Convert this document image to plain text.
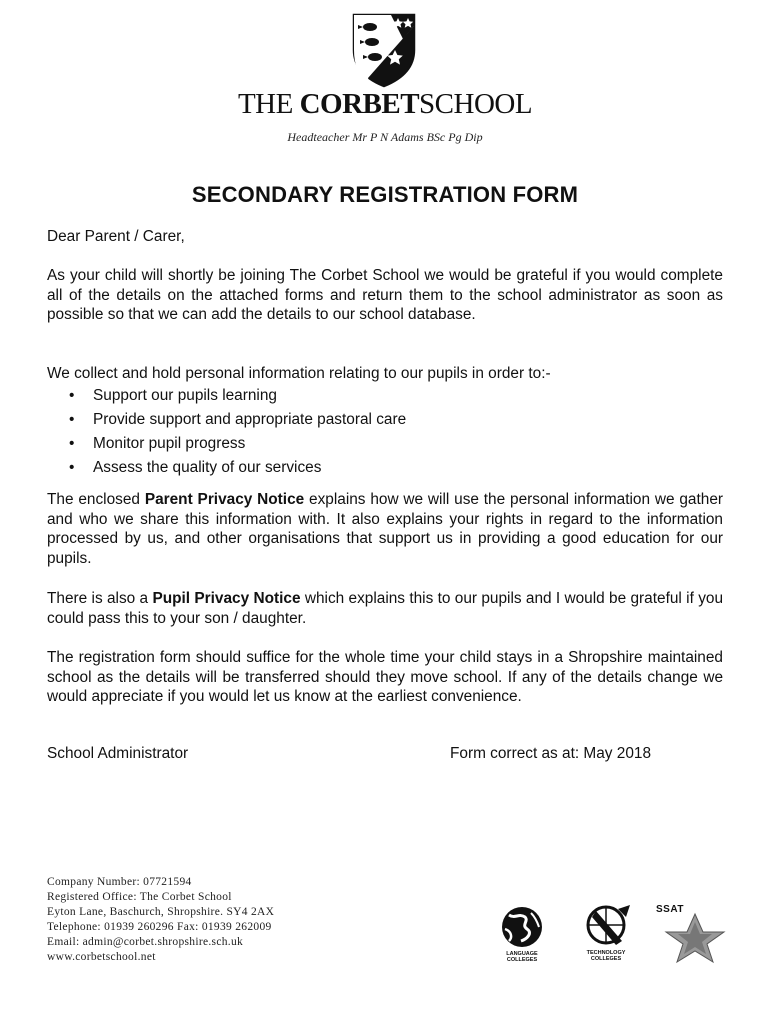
THE CORBETSCHOOL
Headteacher Mr P N Adams BSc Pg Dip
SECONDARY REGISTRATION FORM
Dear Parent / Carer,
As your child will shortly be joining The Corbet School we would be grateful if you would complete all of the details on the attached forms and return them to the school administrator as soon as possible so that we can add the details to our school database.
We collect and hold personal information relating to our pupils in order to:-
• Support our pupils learning
• Provide support and appropriate pastoral care
• Monitor pupil progress
• Assess the quality of our services
The enclosed Parent Privacy Notice explains how we will use the personal information we gather and who we share this information with. It also explains your rights in regard to the information processed by us, and other organisations that support us in providing a good education for our pupils.
There is also a Pupil Privacy Notice which explains this to our pupils and I would be grateful if you could pass this to your son / daughter.
The registration form should suffice for the whole time your child stays in a Shropshire maintained school as the details will be transferred should they move school. If any of the details change we would appreciate if you would let us know at the earliest convenience.
School Administrator	Form correct as at: May 2018
Company Number: 07721594
Registered Office: The Corbet School
Eyton Lane, Baschurch, Shropshire. SY4 2AX
Telephone: 01939 260296 Fax: 01939 262009
Email: admin@corbet.shropshire.sch.uk
www.corbetschool.net	LANGUAGE COLLEGES
TECHNOLOGY COLLEGES
SSAT
